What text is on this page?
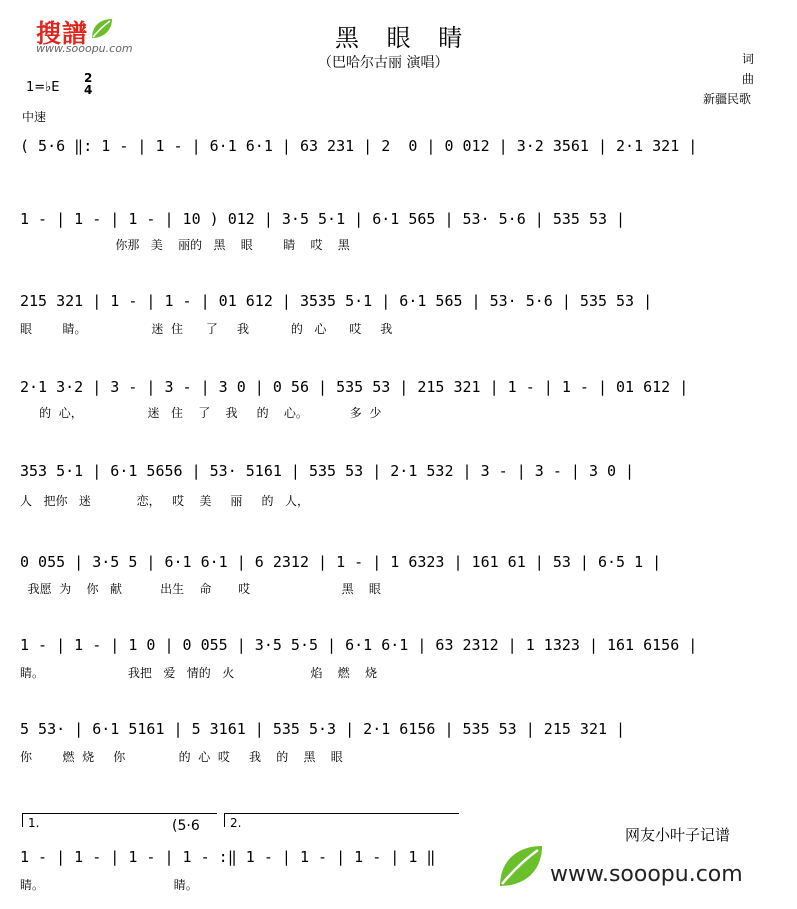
搜譜
www.sooopu.com	黑 眼 睛
（巴哈尔古丽 演唱）
1=♭E
2
4
词
曲
新疆民歌
中速
( 5·6 ‖: 1 - | 1 - | 6·1 6·1 | 63 231 | 2  0 | 0 012 | 3·2 3561 | 2·1 321 |
1 - | 1 - | 1 - | 10 ) 012 | 3·5 5·1 | 6·1 565 | 53· 5·6 | 535 53 |
你那   美    丽的   黑    眼        睛    哎    黑
215 321 | 1 - | 1 - | 01 612 | 3535 5·1 | 6·1 565 | 53· 5·6 | 535 53 |
眼        睛。                 迷  住      了     我           的   心      哎     我
2·1 3·2 | 3 - | 3 - | 3 0 | 0 56 | 535 53 | 215 321 | 1 - | 1 - | 01 612 |
的  心，                 迷   住    了    我     的    心。           多  少
353 5·1 | 6·1 5656 | 53· 5161 | 535 53 | 2·1 532 | 3 - | 3 - | 3 0 |
人   把你   迷            恋，   哎    美     丽     的   人，
0 055 | 3·5 5 | 6·1 6·1 | 6 2312 | 1 - | 1 6323 | 161 61 | 53 | 6·5 1 |
我愿  为    你   献          出生    命       哎                        黑    眼
1 - | 1 - | 1 0 | 0 055 | 3·5 5·5 | 6·1 6·1 | 63 2312 | 1 1323 | 161 6156 |
睛。                      我把   爱   情的   火                    焰    燃    烧
5 53· | 6·1 5161 | 5 3161 | 535 5·3 | 2·1 6156 | 535 53 | 215 321 |
你        燃  烧     你              的  心  哎     我    的    黑    眼
1.	(5·6	2.
1 - | 1 - | 1 - | 1 - :‖ 1 - | 1 - | 1 - | 1 ‖
睛。                                  睛。
网友小叶子记谱
www.sooopu.com
